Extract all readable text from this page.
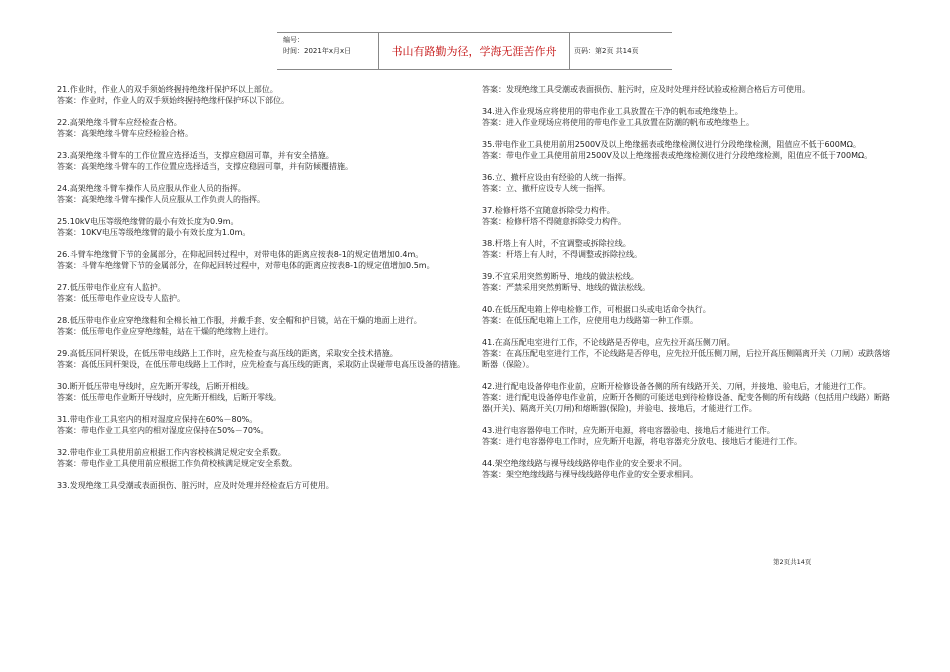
编号：
时间：2021年x月x日	书山有路勤为径，学海无涯苦作舟	页码：第2页 共14页

21.作业时，作业人的双手须始终握持绝缘杆保护环以上部位。

答案：作业时，作业人的双手须始终握持绝缘杆保护环以下部位。

22.高架绝缘斗臂车应经检查合格。

答案：高架绝缘斗臂车应经检验合格。

23.高架绝缘斗臂车的工作位置应选择适当，支撑应稳固可靠，并有安全措施。

答案：高架绝缘斗臂车的工作位置应选择适当，支撑应稳固可靠，并有防倾覆措施。

24.高架绝缘斗臂车操作人员应服从作业人员的指挥。

答案：高架绝缘斗臂车操作人员应服从工作负责人的指挥。

25.10kV电压等级绝缘臂的最小有效长度为0.9m。

答案：10KV电压等级绝缘臂的最小有效长度为1.0m。

26.斗臂车绝缘臂下节的金属部分，在仰起回转过程中，对带电体的距离应按表8-1的规定值增加0.4m。

答案：斗臂车绝缘臂下节的金属部分，在仰起回转过程中，对带电体的距离应按表8-1的规定值增加0.5m。

27.低压带电作业应有人监护。

答案：低压带电作业应设专人监护。

28.低压带电作业应穿绝缘鞋和全棉长袖工作服，并戴手套、安全帽和护目镜，站在干燥的地面上进行。

答案：低压带电作业应穿绝缘鞋，站在干燥的绝缘物上进行。

29.高低压同杆架设，在低压带电线路上工作时，应先检查与高压线的距离，采取安全技术措施。

答案：高低压同杆架设，在低压带电线路上工作时，应先检查与高压线的距离，采取防止误碰带电高压设备的措施。

30.断开低压带电导线时，应先断开零线，后断开相线。

答案：低压带电作业断开导线时，应先断开相线，后断开零线。

31.带电作业工具室内的相对湿度应保持在60%－80%。

答案：带电作业工具室内的相对湿度应保持在50%－70%。

32.带电作业工具使用前应根据工作内容校核满足规定安全系数。

答案：带电作业工具使用前应根据工作负荷校核满足规定安全系数。

33.发现绝缘工具受潮或表面损伤、脏污时，应及时处理并经检查后方可使用。

答案：发现绝缘工具受潮或表面损伤、脏污时，应及时处理并经试验或检测合格后方可使用。

34.进入作业现场应将使用的带电作业工具放置在干净的帆布或绝缘垫上。

答案：进入作业现场应将使用的带电作业工具放置在防潮的帆布或绝缘垫上。

35.带电作业工具使用前用2500V及以上绝缘摇表或绝缘检测仪进行分段绝缘检测，阻值应不低于600MΩ。

答案：带电作业工具使用前用2500V及以上绝缘摇表或绝缘检测仪进行分段绝缘检测，阻值应不低于700MΩ。

36.立、撤杆应设由有经验的人统一指挥。

答案：立、撤杆应设专人统一指挥。

37.检修杆塔不宜随意拆除受力构件。

答案：检修杆塔不得随意拆除受力构件。

38.杆塔上有人时，不宜调整或拆除拉线。

答案：杆塔上有人时，不得调整或拆除拉线。

39.不宜采用突然剪断导、地线的做法松线。

答案：严禁采用突然剪断导、地线的做法松线。

40.在低压配电箱上停电检修工作，可根据口头或电话命令执行。

答案：在低压配电箱上工作，应使用电力线路第一种工作票。

41.在高压配电室进行工作，不论线路是否停电，应先拉开高压侧刀闸。

答案：在高压配电室进行工作，不论线路是否停电，应先拉开低压侧刀闸，后拉开高压侧隔离开关（刀闸）或跌落熔断器（保险）。

42.进行配电设备停电作业前，应断开检修设备各侧的所有线路开关、刀闸，并接地、验电后，才能进行工作。

答案：进行配电设备停电作业前，应断开各侧的可能送电到待检修设备、配变各侧的所有线路（包括用户线路）断路器(开关)、隔离开关(刀闸)和熔断器(保险)，并验电、接地后，才能进行工作。

43.进行电容器停电工作时，应先断开电源，将电容器验电、接地后才能进行工作。

答案：进行电容器停电工作时，应先断开电源，将电容器充分放电、接地后才能进行工作。

44.架空绝缘线路与裸导线线路停电作业的安全要求不同。

答案：架空绝缘线路与裸导线线路停电作业的安全要求相同。

第2页共14页
